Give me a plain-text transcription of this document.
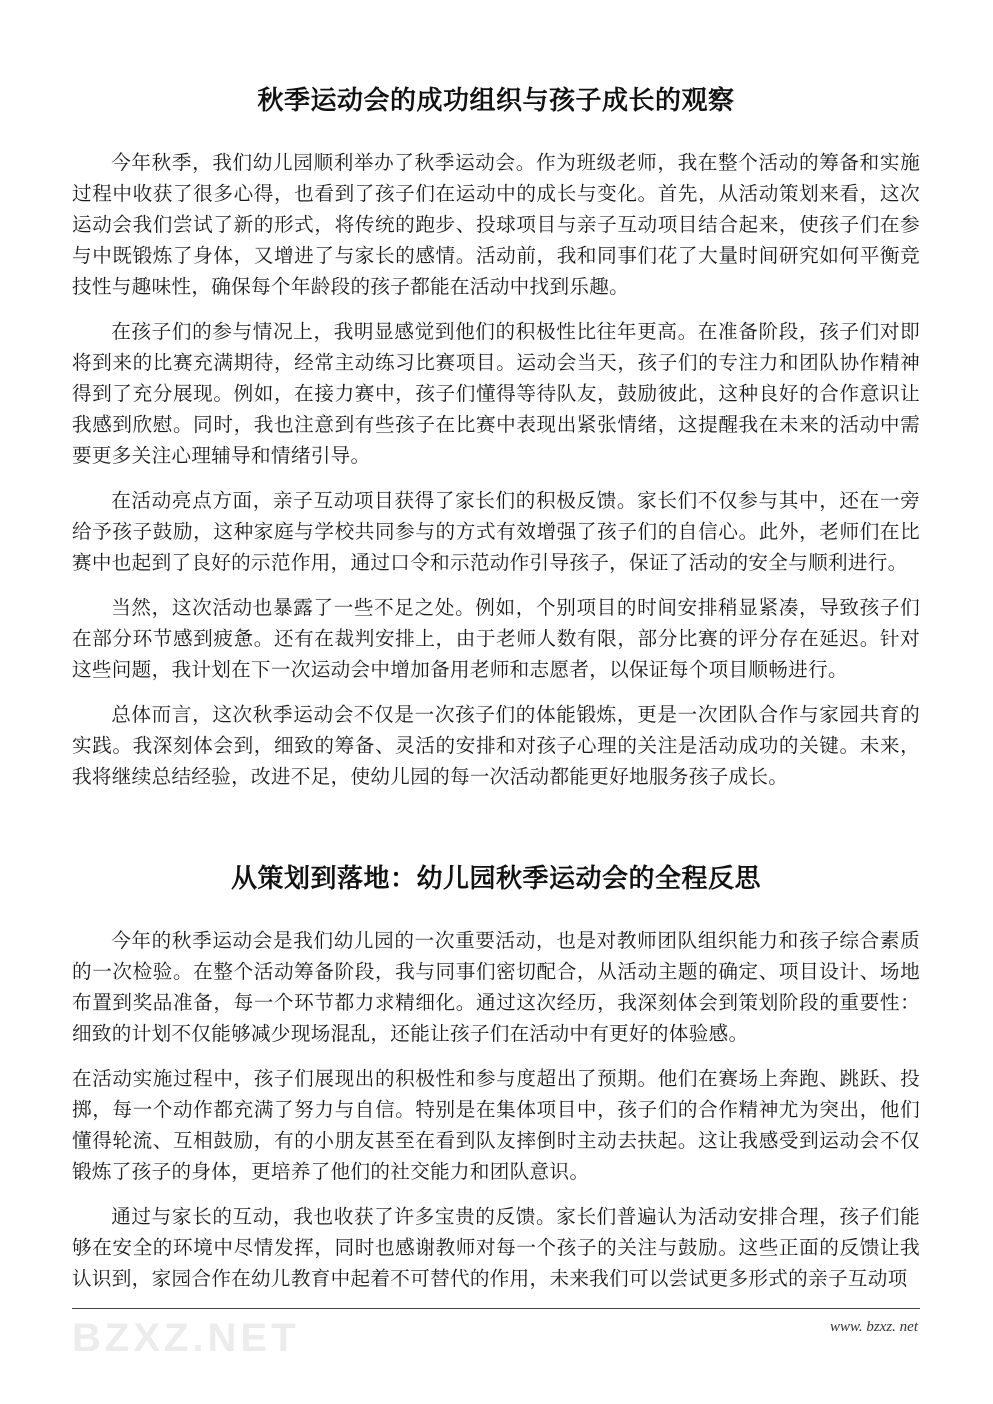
秋季运动会的成功组织与孩子成长的观察

今年秋季，我们幼儿园顺利举办了秋季运动会。作为班级老师，我在整个活动的筹备和实施过程中收获了很多心得，也看到了孩子们在运动中的成长与变化。首先，从活动策划来看，这次运动会我们尝试了新的形式，将传统的跑步、投球项目与亲子互动项目结合起来，使孩子们在参与中既锻炼了身体，又增进了与家长的感情。活动前，我和同事们花了大量时间研究如何平衡竞技性与趣味性，确保每个年龄段的孩子都能在活动中找到乐趣。

在孩子们的参与情况上，我明显感觉到他们的积极性比往年更高。在准备阶段，孩子们对即将到来的比赛充满期待，经常主动练习比赛项目。运动会当天，孩子们的专注力和团队协作精神得到了充分展现。例如，在接力赛中，孩子们懂得等待队友，鼓励彼此，这种良好的合作意识让我感到欣慰。同时，我也注意到有些孩子在比赛中表现出紧张情绪，这提醒我在未来的活动中需要更多关注心理辅导和情绪引导。

在活动亮点方面，亲子互动项目获得了家长们的积极反馈。家长们不仅参与其中，还在一旁给予孩子鼓励，这种家庭与学校共同参与的方式有效增强了孩子们的自信心。此外，老师们在比赛中也起到了良好的示范作用，通过口令和示范动作引导孩子，保证了活动的安全与顺利进行。

当然，这次活动也暴露了一些不足之处。例如，个别项目的时间安排稍显紧凑，导致孩子们在部分环节感到疲惫。还有在裁判安排上，由于老师人数有限，部分比赛的评分存在延迟。针对这些问题，我计划在下一次运动会中增加备用老师和志愿者，以保证每个项目顺畅进行。

总体而言，这次秋季运动会不仅是一次孩子们的体能锻炼，更是一次团队合作与家园共育的实践。我深刻体会到，细致的筹备、灵活的安排和对孩子心理的关注是活动成功的关键。未来，我将继续总结经验，改进不足，使幼儿园的每一次活动都能更好地服务孩子成长。

从策划到落地：幼儿园秋季运动会的全程反思

今年的秋季运动会是我们幼儿园的一次重要活动，也是对教师团队组织能力和孩子综合素质的一次检验。在整个活动筹备阶段，我与同事们密切配合，从活动主题的确定、项目设计、场地布置到奖品准备，每一个环节都力求精细化。通过这次经历，我深刻体会到策划阶段的重要性：细致的计划不仅能够减少现场混乱，还能让孩子们在活动中有更好的体验感。

在活动实施过程中，孩子们展现出的积极性和参与度超出了预期。他们在赛场上奔跑、跳跃、投掷，每一个动作都充满了努力与自信。特别是在集体项目中，孩子们的合作精神尤为突出，他们懂得轮流、互相鼓励，有的小朋友甚至在看到队友摔倒时主动去扶起。这让我感受到运动会不仅锻炼了孩子的身体，更培养了他们的社交能力和团队意识。

通过与家长的互动，我也收获了许多宝贵的反馈。家长们普遍认为活动安排合理，孩子们能够在安全的环境中尽情发挥，同时也感谢教师对每一个孩子的关注与鼓励。这些正面的反馈让我认识到，家园合作在幼儿教育中起着不可替代的作用，未来我们可以尝试更多形式的亲子互动项

BZXZ.NET	www. bzxz. net
